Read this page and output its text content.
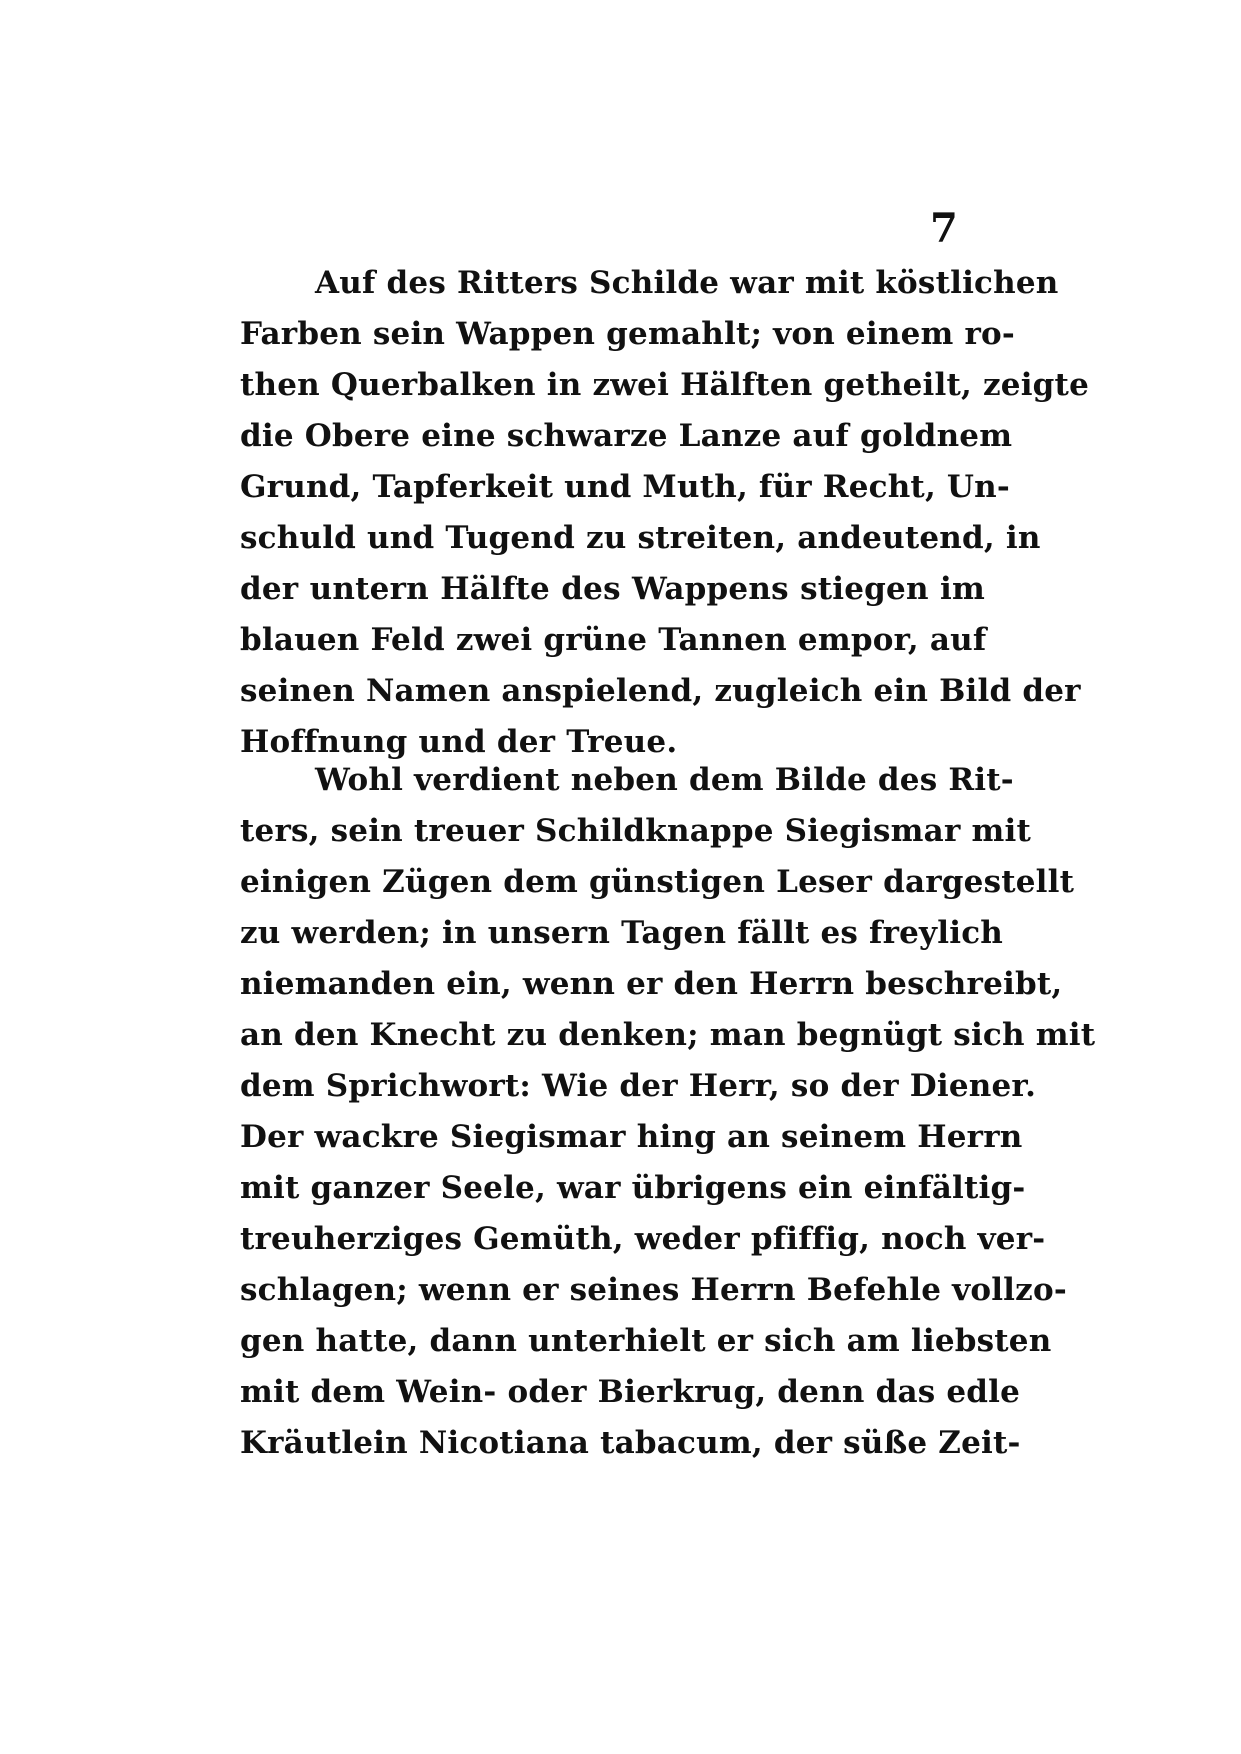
7
Auf des Ritters Schilde war mit köstlichen
Farben sein Wappen gemahlt; von einem ro-
then Querbalken in zwei Hälften getheilt, zeigte
die Obere eine schwarze Lanze auf goldnem
Grund, Tapferkeit und Muth, für Recht, Un-
schuld und Tugend zu streiten, andeutend, in
der untern Hälfte des Wappens stiegen im
blauen Feld zwei grüne Tannen empor, auf
seinen Namen anspielend, zugleich ein Bild der
Hoffnung und der Treue.
Wohl verdient neben dem Bilde des Rit-
ters, sein treuer Schildknappe Siegismar mit
einigen Zügen dem günstigen Leser dargestellt
zu werden; in unsern Tagen fällt es freylich
niemanden ein, wenn er den Herrn beschreibt,
an den Knecht zu denken; man begnügt sich mit
dem Sprichwort: Wie der Herr, so der Diener.
Der wackre Siegismar hing an seinem Herrn
mit ganzer Seele, war übrigens ein einfältig-
treuherziges Gemüth, weder pfiffig, noch ver-
schlagen; wenn er seines Herrn Befehle vollzo-
gen hatte, dann unterhielt er sich am liebsten
mit dem Wein- oder Bierkrug, denn das edle
Kräutlein Nicotiana tabacum, der süße Zeit-
